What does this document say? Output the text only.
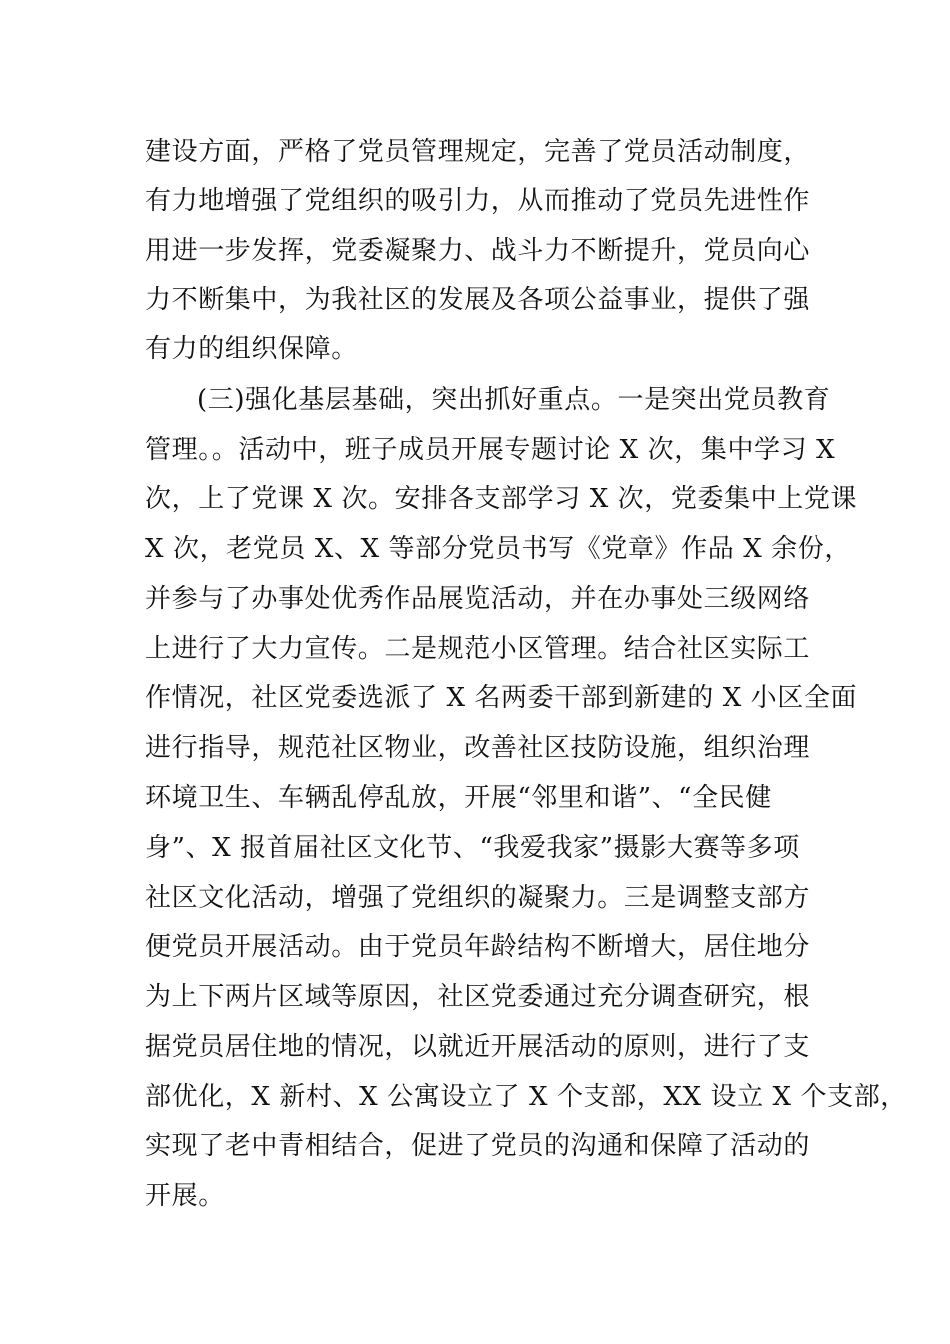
建设方面，严格了党员管理规定，完善了党员活动制度，
有力地增强了党组织的吸引力，从而推动了党员先进性作
用进一步发挥，党委凝聚力、战斗力不断提升，党员向心
力不断集中，为我社区的发展及各项公益事业，提供了强
有力的组织保障。
(三)强化基层基础，突出抓好重点。一是突出党员教育
管理。。活动中，班子成员开展专题讨论 X 次，集中学习 X
次，上了党课 X 次。安排各支部学习 X 次，党委集中上党课
X 次，老党员 X、X 等部分党员书写《党章》作品 X 余份，
并参与了办事处优秀作品展览活动，并在办事处三级网络
上进行了大力宣传。二是规范小区管理。结合社区实际工
作情况，社区党委选派了 X 名两委干部到新建的 X 小区全面
进行指导，规范社区物业，改善社区技防设施，组织治理
环境卫生、车辆乱停乱放，开展“邻里和谐”、“全民健
身”、X 报首届社区文化节、“我爱我家”摄影大赛等多项
社区文化活动，增强了党组织的凝聚力。三是调整支部方
便党员开展活动。由于党员年龄结构不断增大，居住地分
为上下两片区域等原因，社区党委通过充分调查研究，根
据党员居住地的情况，以就近开展活动的原则，进行了支
部优化，X 新村、X 公寓设立了 X 个支部，XX 设立 X 个支部，
实现了老中青相结合，促进了党员的沟通和保障了活动的
开展。
